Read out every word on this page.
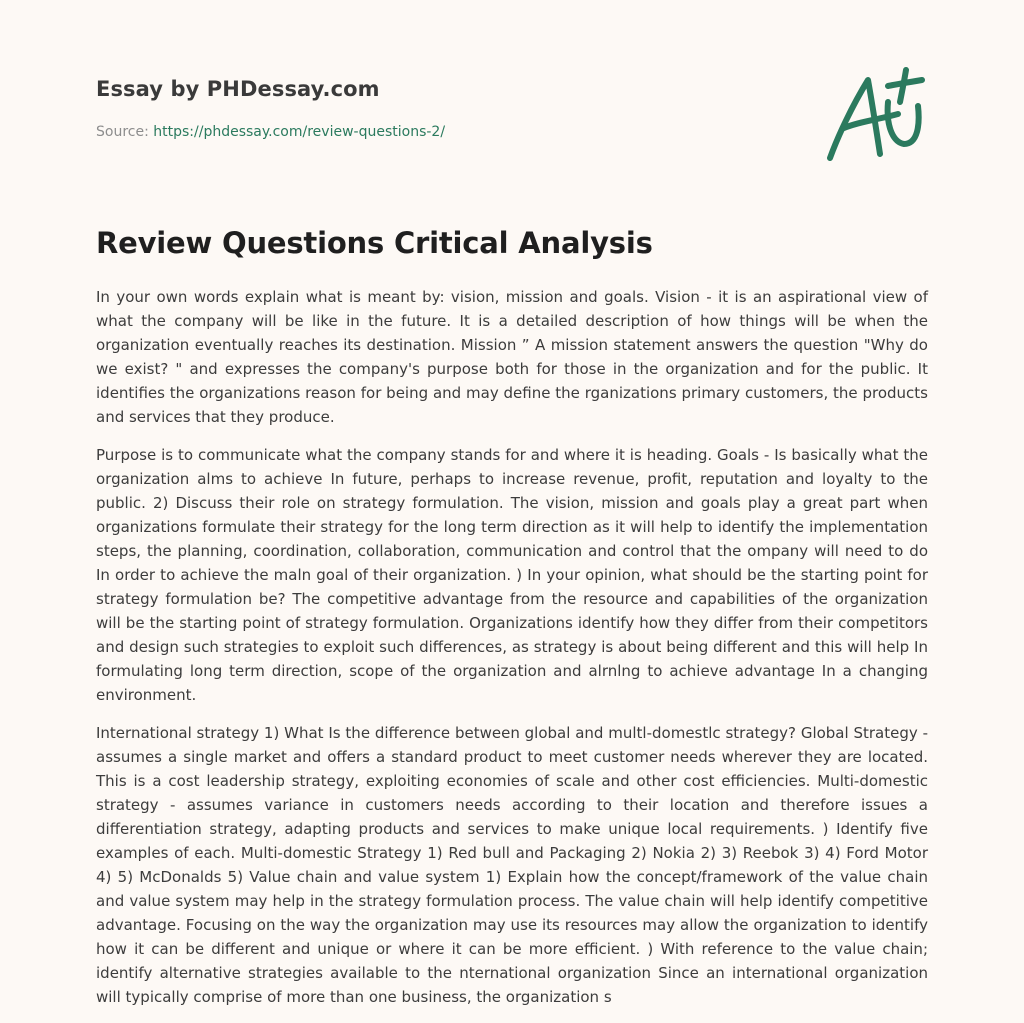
Essay by PHDessay.com
Source: https://phdessay.com/review-questions-2/
Review Questions Critical Analysis

In your own words explain what is meant by: vision, mission and goals. Vision - it is an aspirational view of what the company will be like in the future. It is a detailed description of how things will be when the organization eventually reaches its destination. Mission ” A mission statement answers the question "Why do we exist? " and expresses the company's purpose both for those in the organization and for the public. It identifies the organizations reason for being and may define the rganizations primary customers, the products and services that they produce.

Purpose is to communicate what the company stands for and where it is heading. Goals - Is basically what the organization alms to achieve In future, perhaps to increase revenue, profit, reputation and loyalty to the public. 2) Discuss their role on strategy formulation. The vision, mission and goals play a great part when organizations formulate their strategy for the long term direction as it will help to identify the implementation steps, the planning, coordination, collaboration, communication and control that the ompany will need to do In order to achieve the maln goal of their organization. ) In your opinion, what should be the starting point for strategy formulation be? The competitive advantage from the resource and capabilities of the organization will be the starting point of strategy formulation. Organizations identify how they differ from their competitors and design such strategies to exploit such differences, as strategy is about being different and this will help In formulating long term direction, scope of the organization and alrnlng to achieve advantage In a changing environment.

International strategy 1) What Is the difference between global and multl-domestlc strategy? Global Strategy - assumes a single market and offers a standard product to meet customer needs wherever they are located. This is a cost leadership strategy, exploiting economies of scale and other cost efficiencies. Multi-domestic strategy - assumes variance in customers needs according to their location and therefore issues a differentiation strategy, adapting products and services to make unique local requirements. ) Identify five examples of each. Multi-domestic Strategy 1) Red bull and Packaging 2) Nokia 2) 3) Reebok 3) 4) Ford Motor 4) 5) McDonalds 5) Value chain and value system 1) Explain how the concept/framework of the value chain and value system may help in the strategy formulation process. The value chain will help identify competitive advantage. Focusing on the way the organization may use its resources may allow the organization to identify how it can be different and unique or where it can be more efficient. ) With reference to the value chain; identify alternative strategies available to the nternational organization Since an international organization will typically comprise of more than one business, the organization s
